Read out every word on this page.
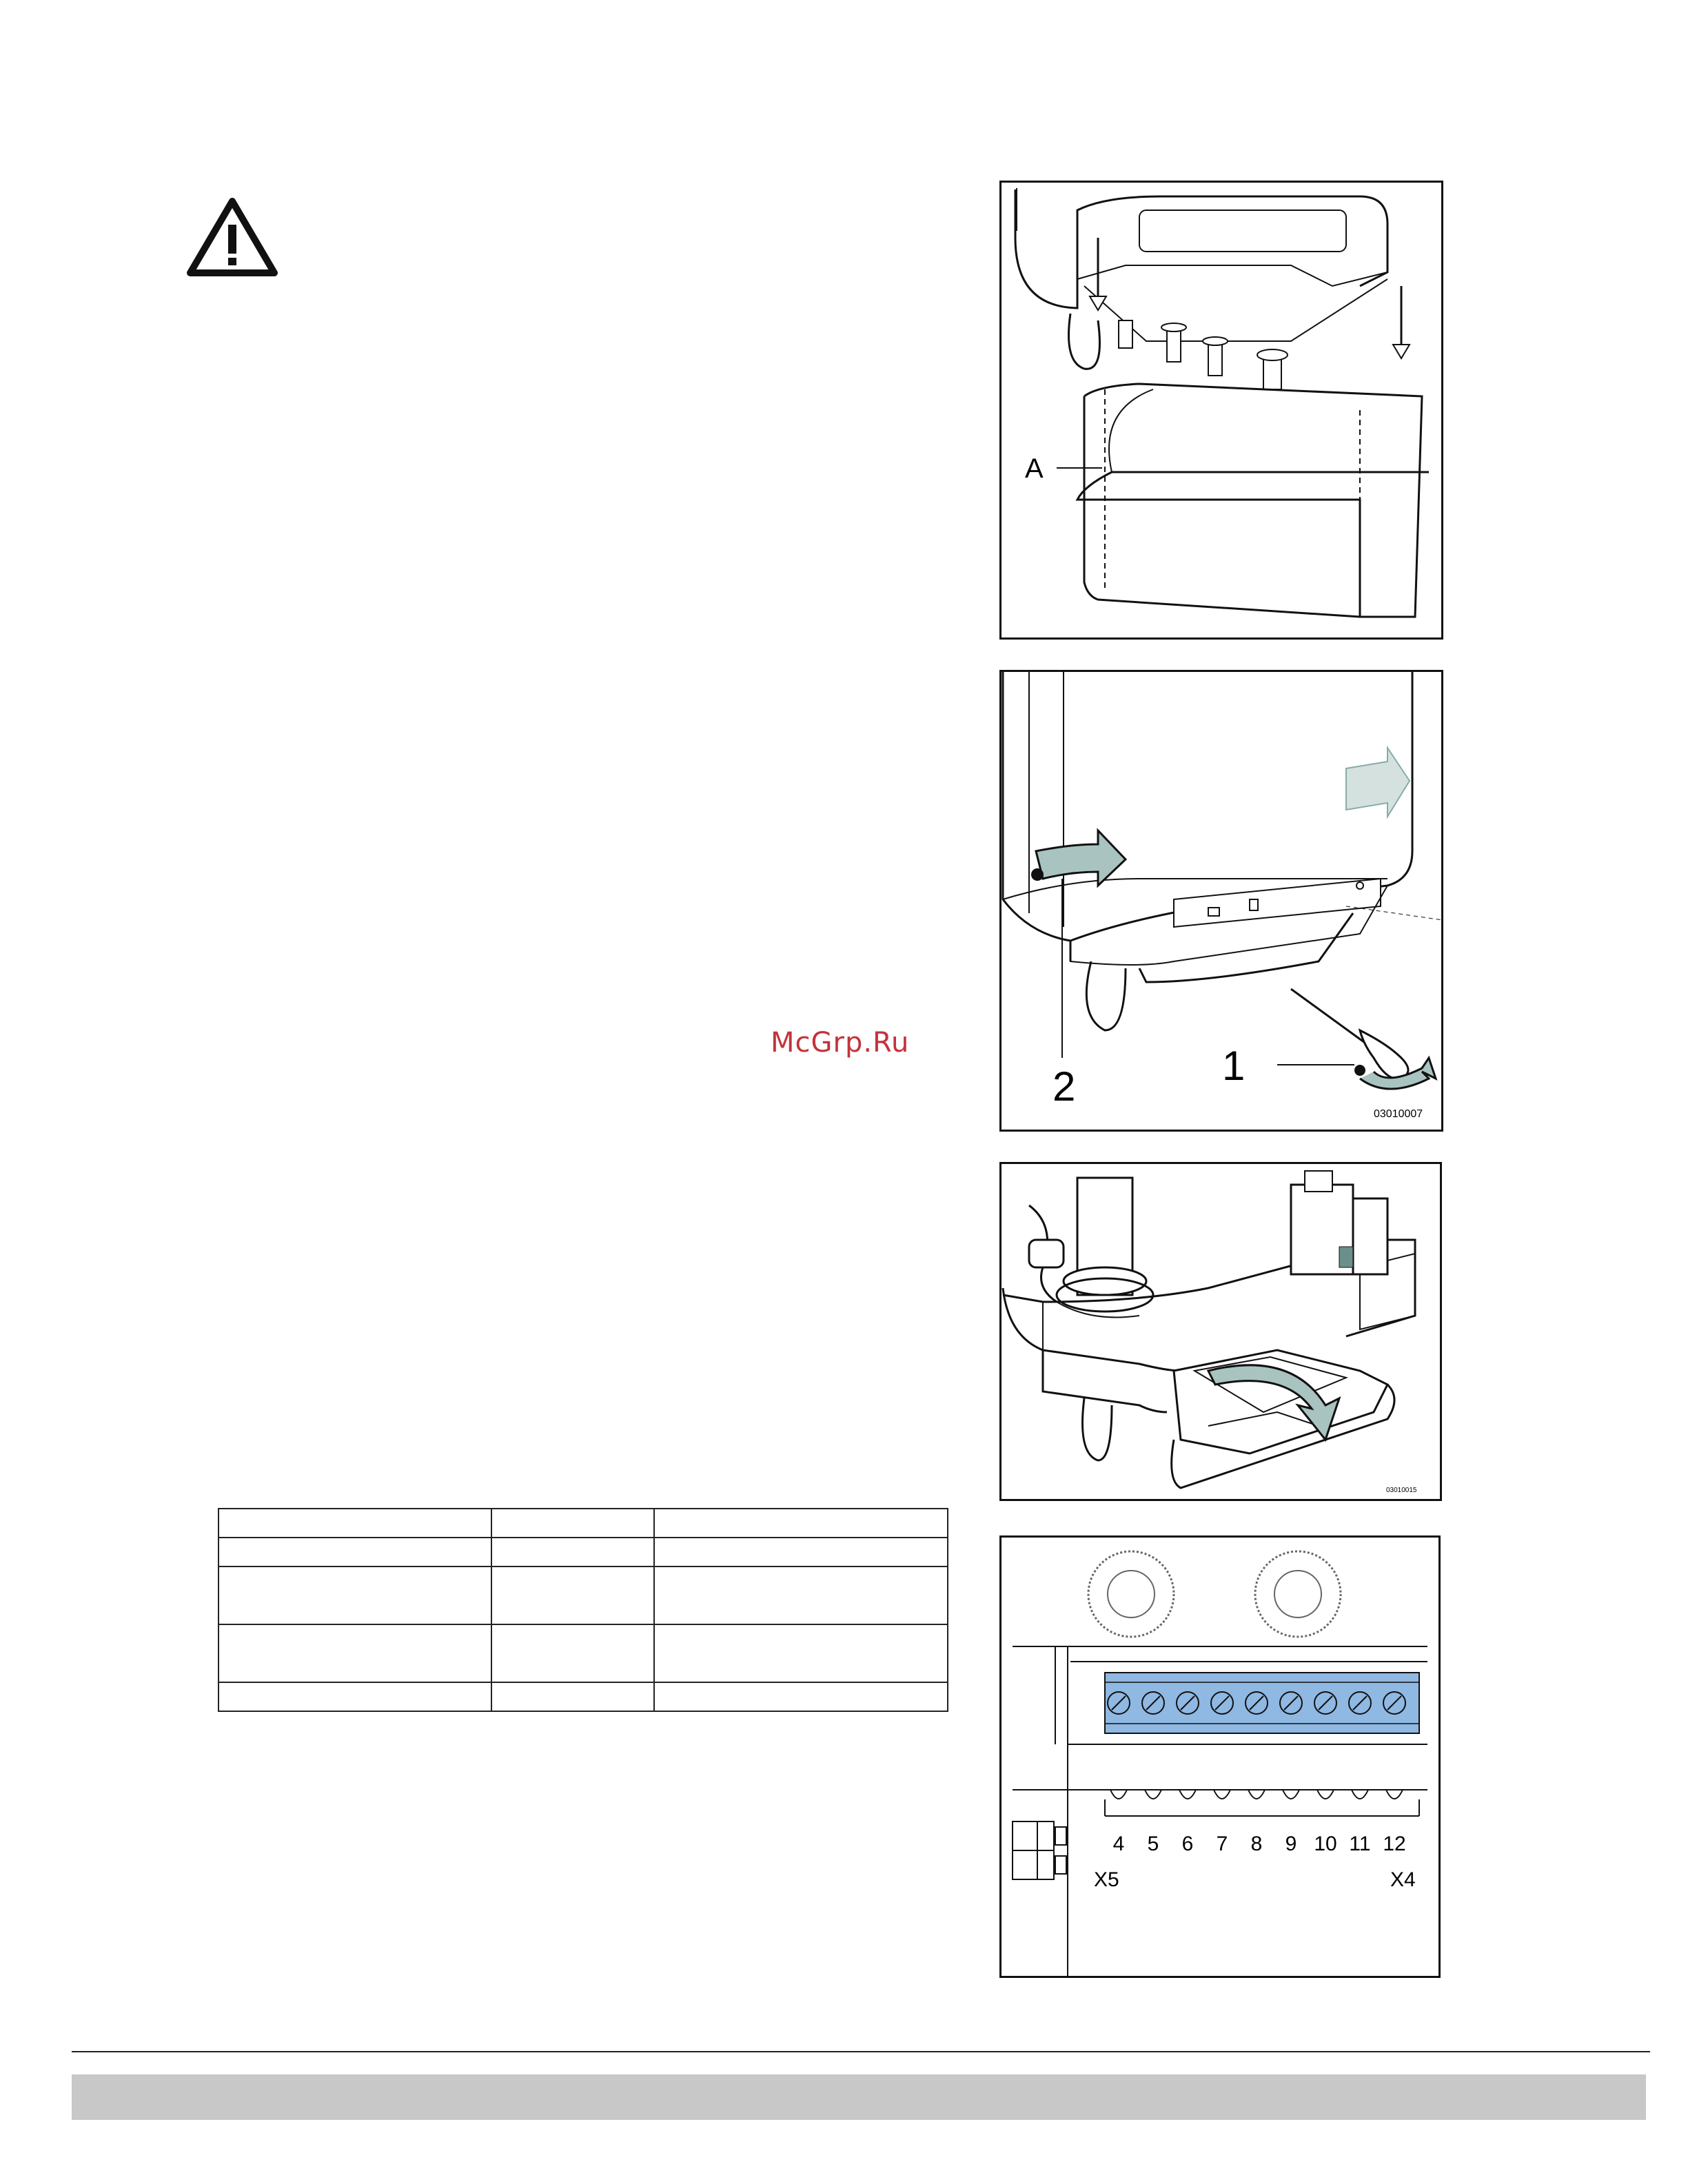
A
1
2
03010007
03010015

4 5 6 7 8 9 10 11 12
X5	X4
McGrp.Ru
